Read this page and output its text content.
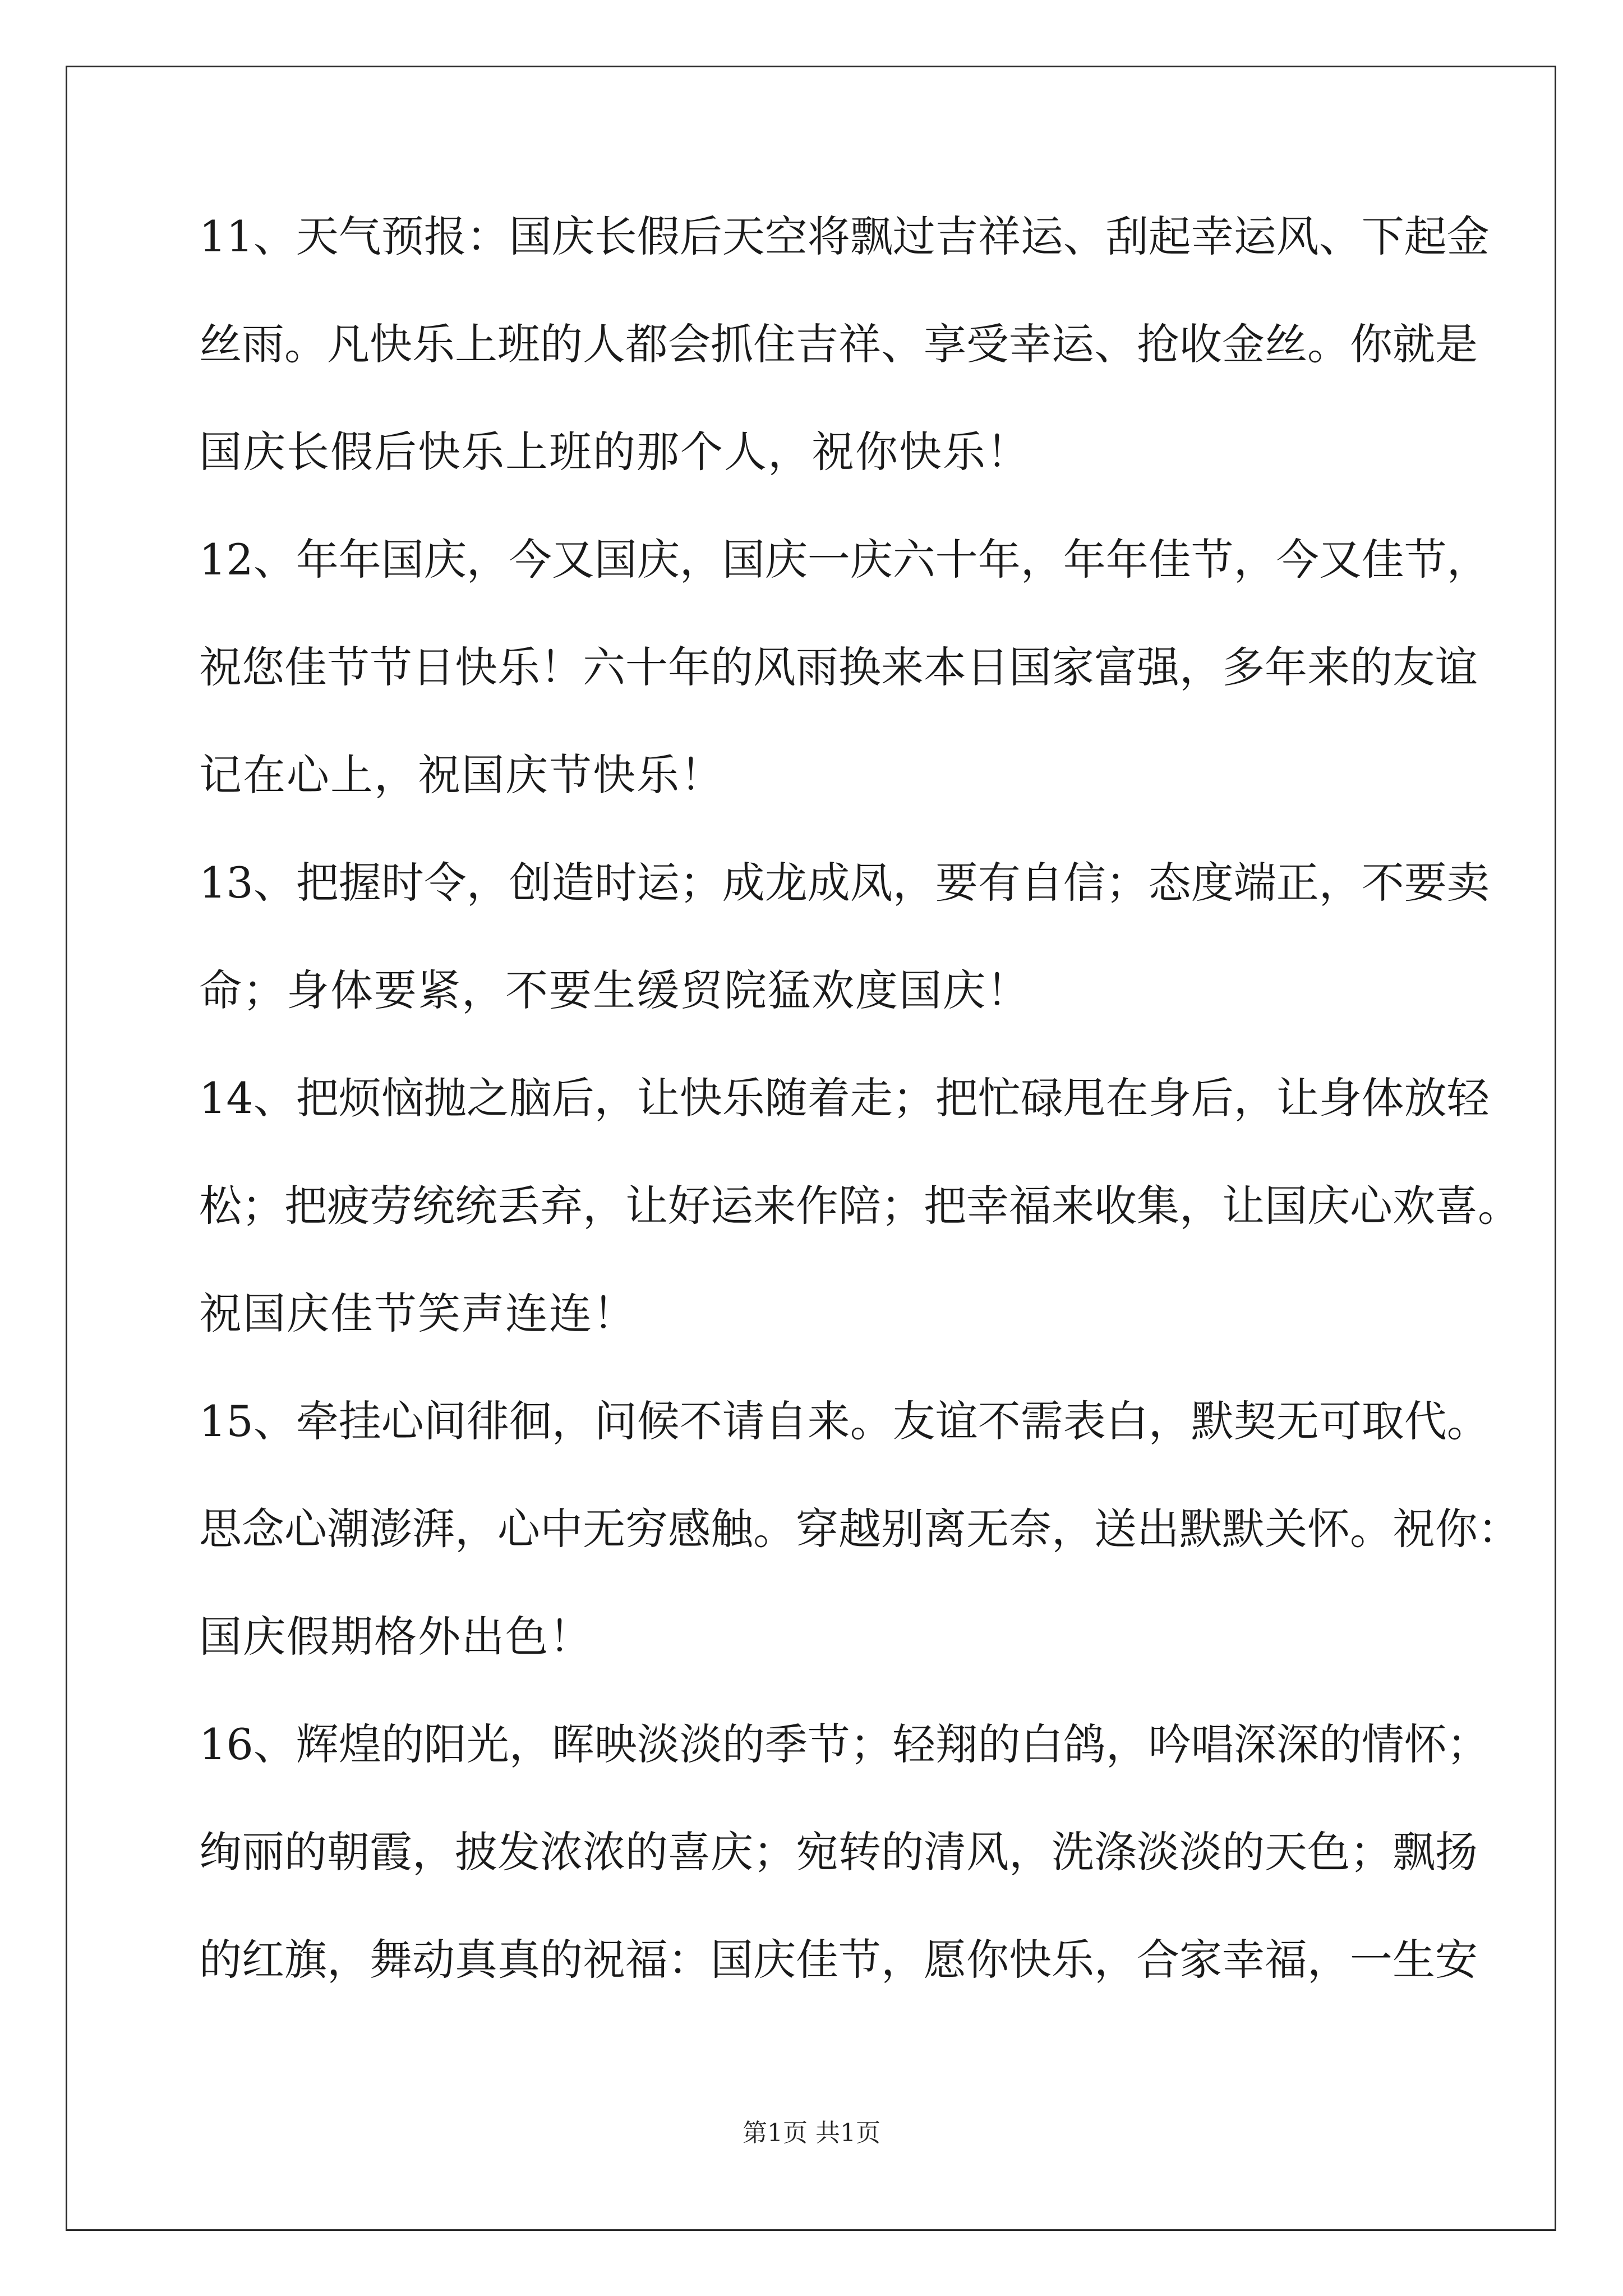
11、天气预报：国庆长假后天空将飘过吉祥运、刮起幸运风、下起金
丝雨。凡快乐上班的人都会抓住吉祥、享受幸运、抢收金丝。你就是
国庆长假后快乐上班的那个人，祝你快乐！
12、年年国庆，今又国庆，国庆一庆六十年，年年佳节，今又佳节，
祝您佳节节日快乐！六十年的风雨换来本日国家富强，多年来的友谊
记在心上，祝国庆节快乐！
13、把握时令，创造时运；成龙成凤，要有自信；态度端正，不要卖
命；身体要紧，不要生缓贸院猛欢度国庆！
14、把烦恼抛之脑后，让快乐随着走；把忙碌甩在身后，让身体放轻
松；把疲劳统统丢弃，让好运来作陪；把幸福来收集，让国庆心欢喜。
祝国庆佳节笑声连连！
15、牵挂心间徘徊，问候不请自来。友谊不需表白，默契无可取代。
思念心潮澎湃，心中无穷感触。穿越别离无奈，送出默默关怀。祝你：
国庆假期格外出色！
16、辉煌的阳光，晖映淡淡的季节；轻翔的白鸽，吟唱深深的情怀；
绚丽的朝霞，披发浓浓的喜庆；宛转的清风，洗涤淡淡的天色；飘扬
的红旗，舞动真真的祝福：国庆佳节，愿你快乐，合家幸福，一生安
第1页 共1页
